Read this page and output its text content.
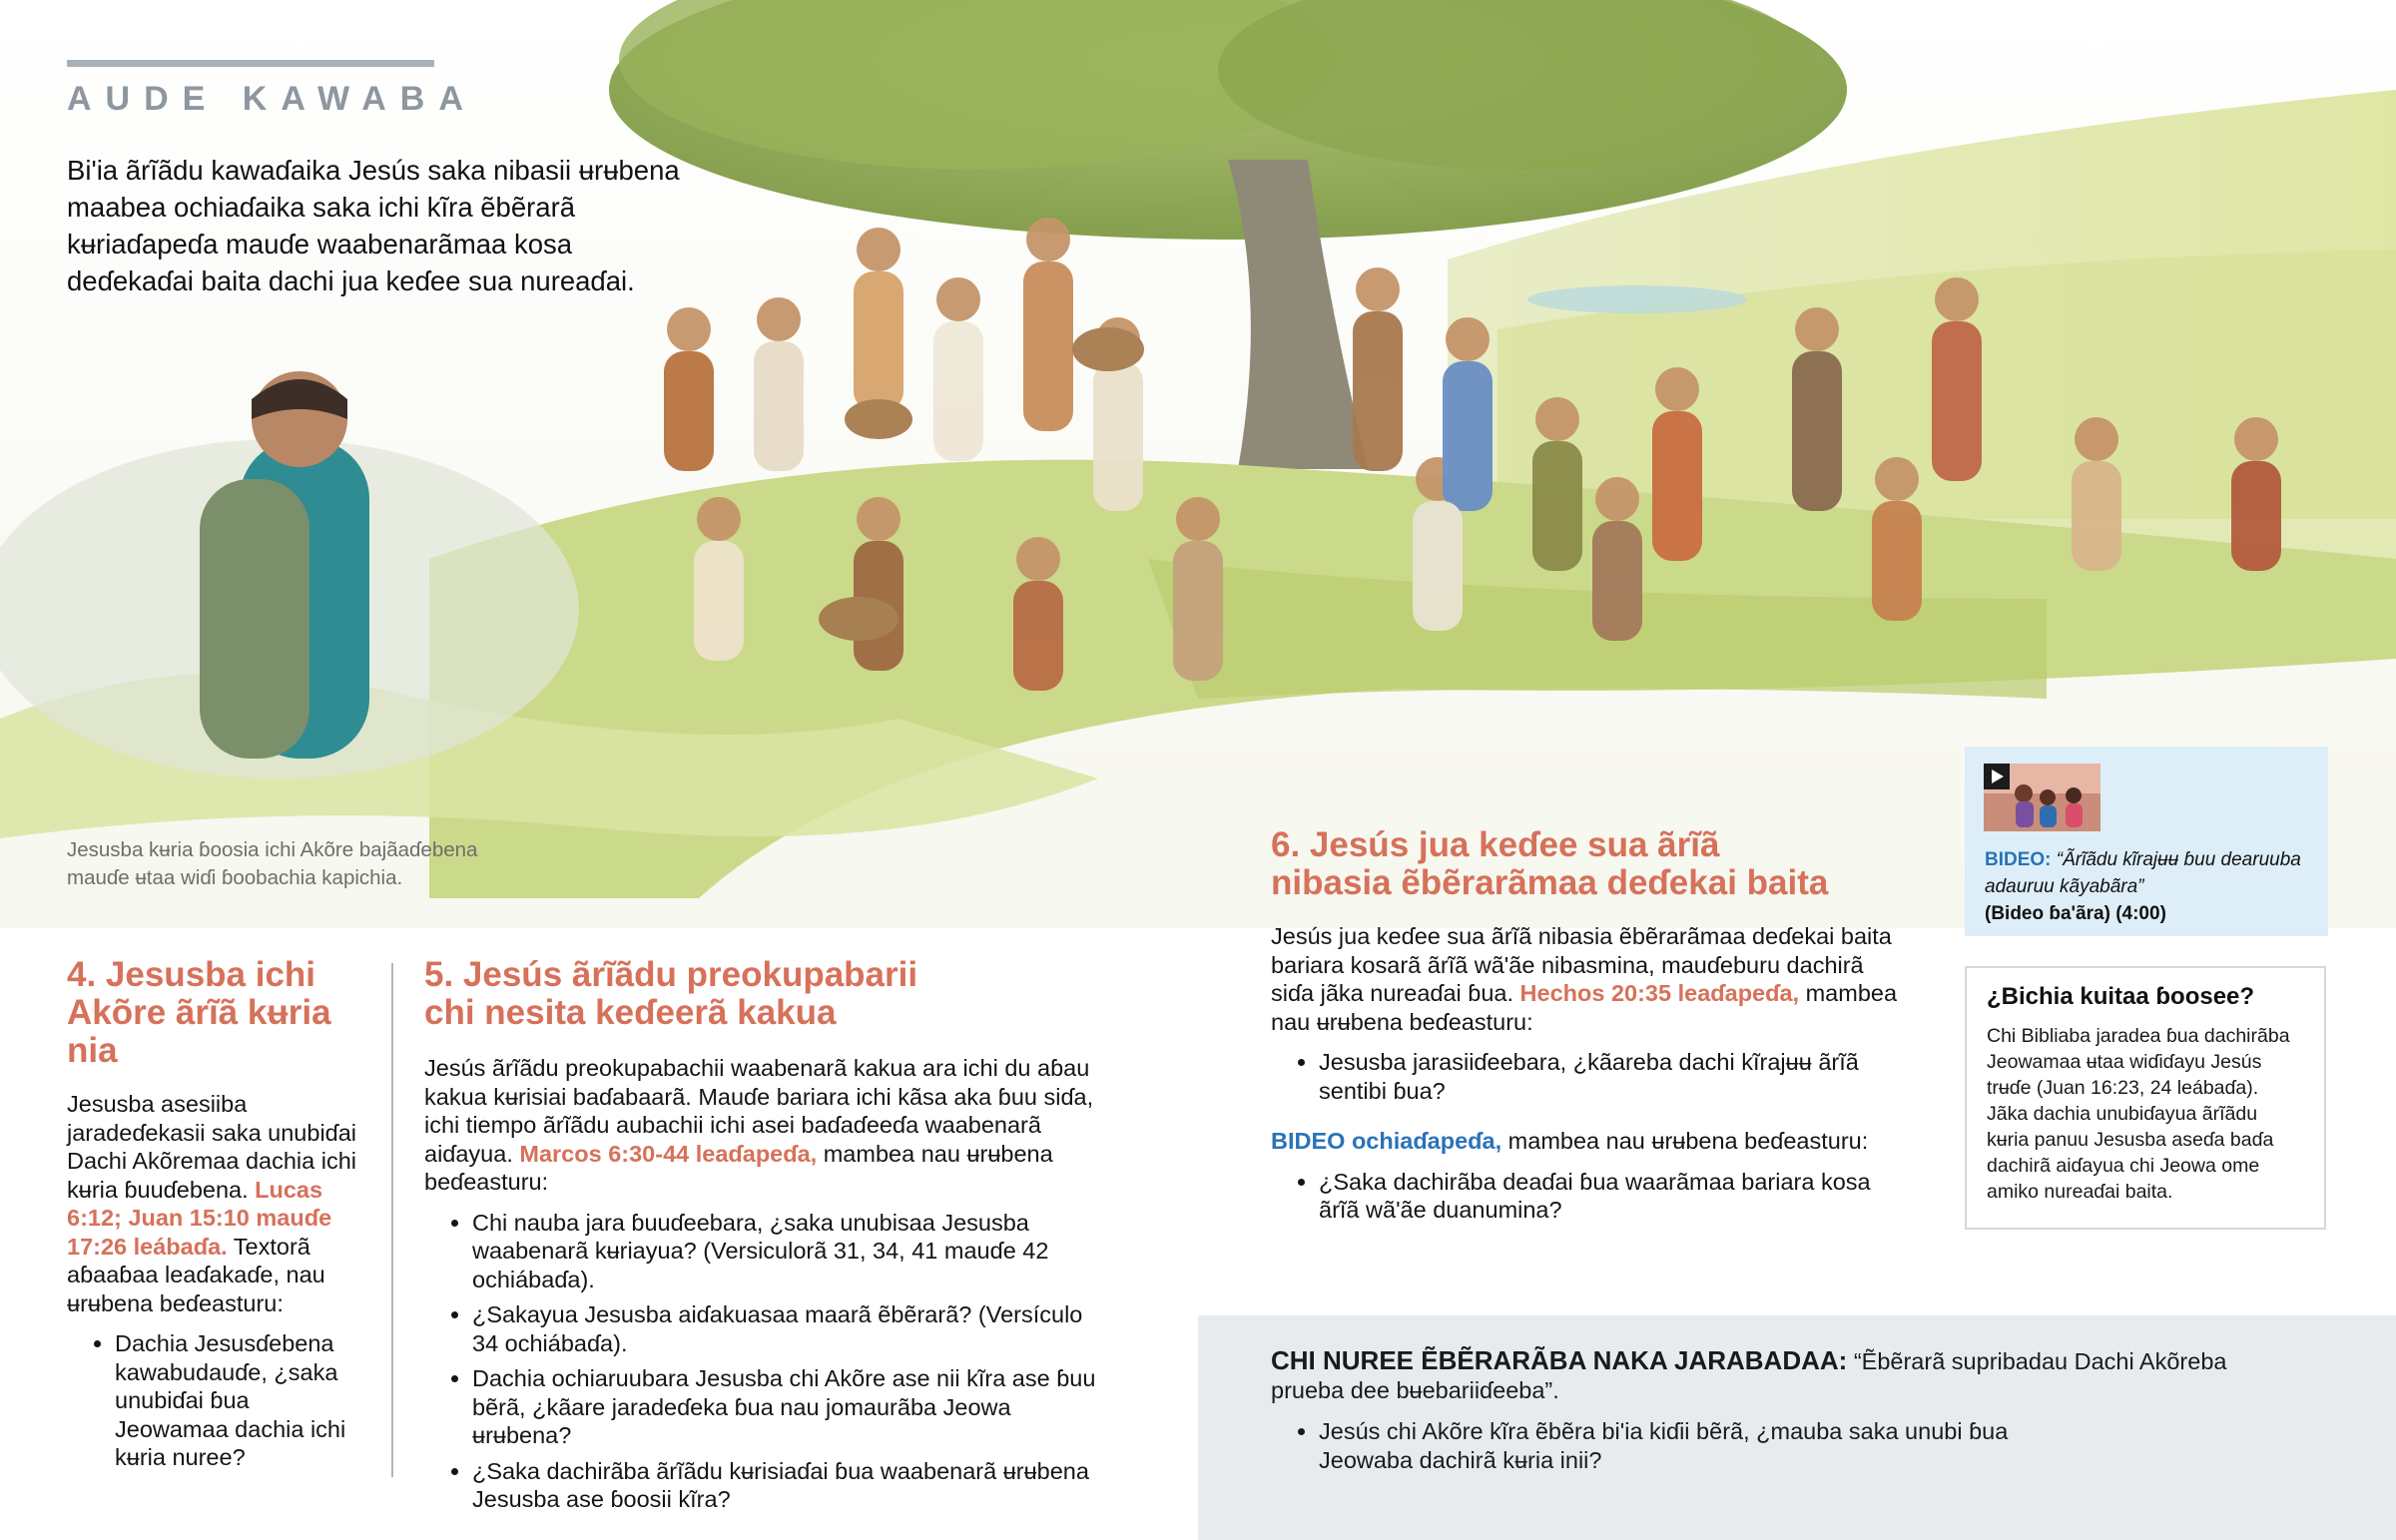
AUDE KAWABA
Bi'ia ãrĩãdu kawaɗaika Jesús saka nibasii ʉrʉbena maabea ochiaɗaika saka ichi kĩra ẽbẽrarã kʉriaɗapeɗa mauɗe waabenarãmaa kosa deɗekaɗai baita dachi jua keɗee sua nureaɗai.
Jesusba kʉria ɓoosia ichi Akõre bajãaɗebena mauɗe ʉtaa wiɗi ɓoobachia kapichia.
4. Jesusba ichi Akõre ãrĩã kʉria nia
Jesusba asesiiba jaradeɗekasii saka unubiɗai Dachi Akõremaa dachia ichi kʉria ɓuuɗebena. Lucas 6:12; Juan 15:10 mauɗe 17:26 leábaɗa. Textorã aɓaaɓaa leaɗakaɗe, nau ʉrʉbena beɗeasturu:
• Dachia Jesusɗebena kawabudauɗe, ¿saka unubiɗai ɓua Jeowamaa dachia ichi kʉria nuree?
5. Jesús ãrĩãdu preokupabarii chi nesita keɗeerã kakua
Jesús ãrĩãdu preokupabachii waabenarã kakua ara ichi du aɓau kakua kʉrisiai baɗabaarã. Mauɗe bariara ichi kãsa aka ɓuu siɗa, ichi tiempo ãrĩãdu aubachii ichi asei baɗaɗeeɗa waabenarã aiɗayua. Marcos 6:30-44 leaɗapeɗa, mambea nau ʉrʉbena beɗeasturu:
• Chi nauba jara ɓuuɗeebara, ¿saka unubisaa Jesusba waabenarã kʉriayua? (Versiculorã 31, 34, 41 mauɗe 42 ochiábaɗa).
• ¿Sakayua Jesusba aiɗakuasaa maarã ẽbẽrarã? (Versículo 34 ochiábaɗa).
• Dachia ochiaruubara Jesusba chi Akõre ase nii kĩra ase ɓuu bẽrã, ¿kãare jaradeɗeka ɓua nau jomaurãba Jeowa ʉrʉbena?
• ¿Saka dachirãba ãrĩãdu kʉrisiaɗai ɓua waabenarã ʉrʉbena Jesusba ase ɓoosii kĩra?
6. Jesús jua keɗee sua ãrĩã nibasia ẽbẽrarãmaa deɗekai baita
Jesús jua keɗee sua ãrĩã nibasia ẽbẽrarãmaa deɗekai baita bariara kosarã ãrĩã wã'ãe nibasmina, mauɗeburu dachirã siɗa jãka nureaɗai ɓua. Hechos 20:35 leaɗapeɗa, mambea nau ʉrʉbena beɗeasturu:
• Jesusba jarasiiɗeebara, ¿kãareba dachi kĩrajʉʉ ãrĩã sentibi ɓua?
BIDEO ochiaɗapeɗa, mambea nau ʉrʉbena beɗeasturu:
• ¿Saka dachirãba deaɗai ɓua waarãmaa bariara kosa ãrĩã wã'ãe duanumina?
BIDEO: “Ãrĩãdu kĩrajʉʉ ɓuu dearuuba adauruu kãyabãra”
(Bideo ɓa'ãra) (4:00)
¿Bichia kuitaa ɓoosee?
Chi Bibliaba jaradea ɓua dachirãba Jeowamaa ʉtaa wiɗiɗayu Jesús trʉɗe (Juan 16:23, 24 leábaɗa). Jãka dachia unubiɗayua ãrĩãdu kʉria panuu Jesusba aseɗa baɗa dachirã aiɗayua chi Jeowa ome amiko nureaɗai baita.
CHI NUREE ẼBẼRARÃBA NAKA JARABADAA: “Ẽbẽrarã supribadau Dachi Akõreba prueba dee bʉebariiɗeeba”.
• Jesús chi Akõre kĩra ẽbẽra bi'ia kiɗii bẽrã, ¿mauba saka unubi ɓua Jeowaba dachirã kʉria inii?
